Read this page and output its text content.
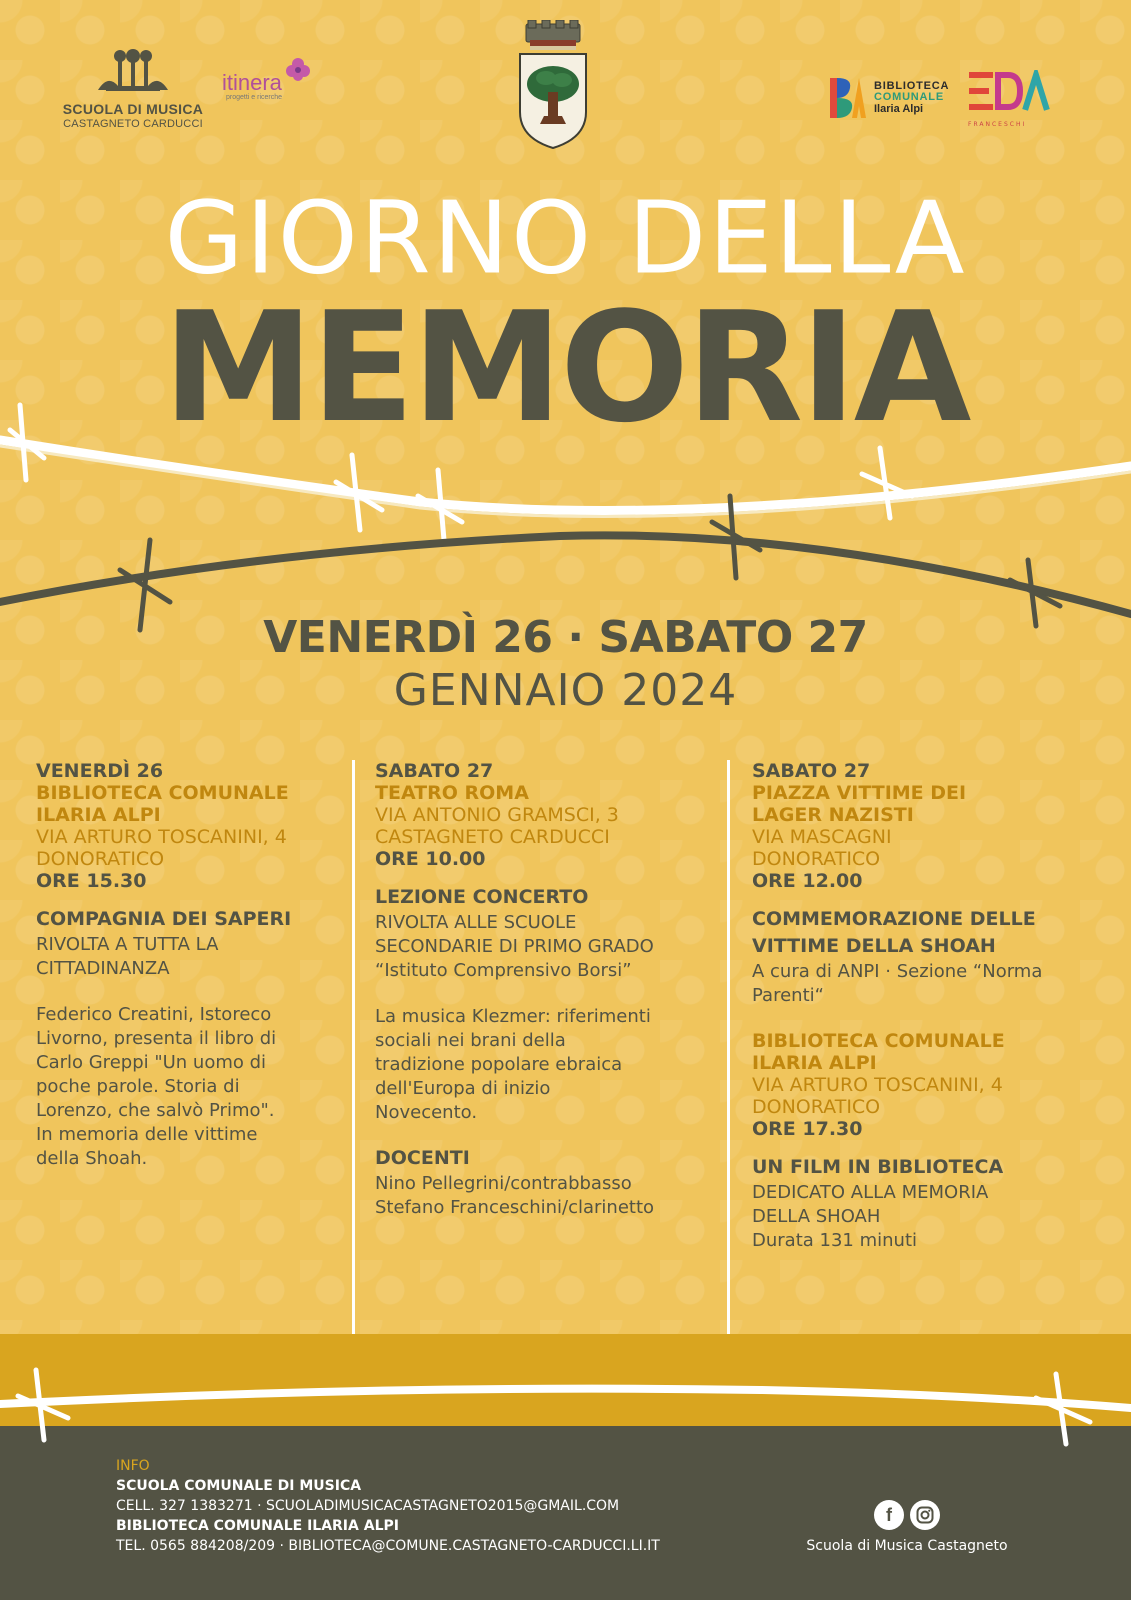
SCUOLA DI MUSICA
CASTAGNETO CARDUCCI
itinera
progetti e ricerche
BIBLIOTECA
COMUNALE
Ilaria Alpi
FRANCESCHI
GIORNO DELLA
MEMORIA
VENERDÌ 26 · SABATO 27
GENNAIO 2024
VENERDÌ 26
BIBLIOTECA COMUNALE
ILARIA ALPI
VIA ARTURO TOSCANINI, 4
DONORATICO
ORE 15.30
COMPAGNIA DEI SAPERI
RIVOLTA A TUTTA LA
CITTADINANZA
Federico Creatini, Istoreco
Livorno, presenta il libro di
Carlo Greppi "Un uomo di
poche parole. Storia di
Lorenzo, che salvò Primo".
In memoria delle vittime
della Shoah.
SABATO 27
TEATRO ROMA
VIA ANTONIO GRAMSCI, 3
CASTAGNETO CARDUCCI
ORE 10.00
LEZIONE CONCERTO
RIVOLTA ALLE SCUOLE
SECONDARIE DI PRIMO GRADO
“Istituto Comprensivo Borsi”
La musica Klezmer: riferimenti
sociali nei brani della
tradizione popolare ebraica
dell'Europa di inizio
Novecento.
DOCENTI
Nino Pellegrini/contrabbasso
Stefano Franceschini/clarinetto
SABATO 27
PIAZZA VITTIME DEI
LAGER NAZISTI
VIA MASCAGNI
DONORATICO
ORE 12.00
COMMEMORAZIONE DELLE
VITTIME DELLA SHOAH
A cura di ANPI · Sezione “Norma
Parenti“
BIBLIOTECA COMUNALE
ILARIA ALPI
VIA ARTURO TOSCANINI, 4
DONORATICO
ORE 17.30
UN FILM IN BIBLIOTECA
DEDICATO ALLA MEMORIA
DELLA SHOAH
Durata 131 minuti
INFO
SCUOLA COMUNALE DI MUSICA
CELL. 327 1383271 · SCUOLADIMUSICACASTAGNETO2015@GMAIL.COM
BIBLIOTECA COMUNALE ILARIA ALPI
TEL. 0565 884208/209 · BIBLIOTECA@COMUNE.CASTAGNETO-CARDUCCI.LI.IT
f
Scuola di Musica Castagneto
